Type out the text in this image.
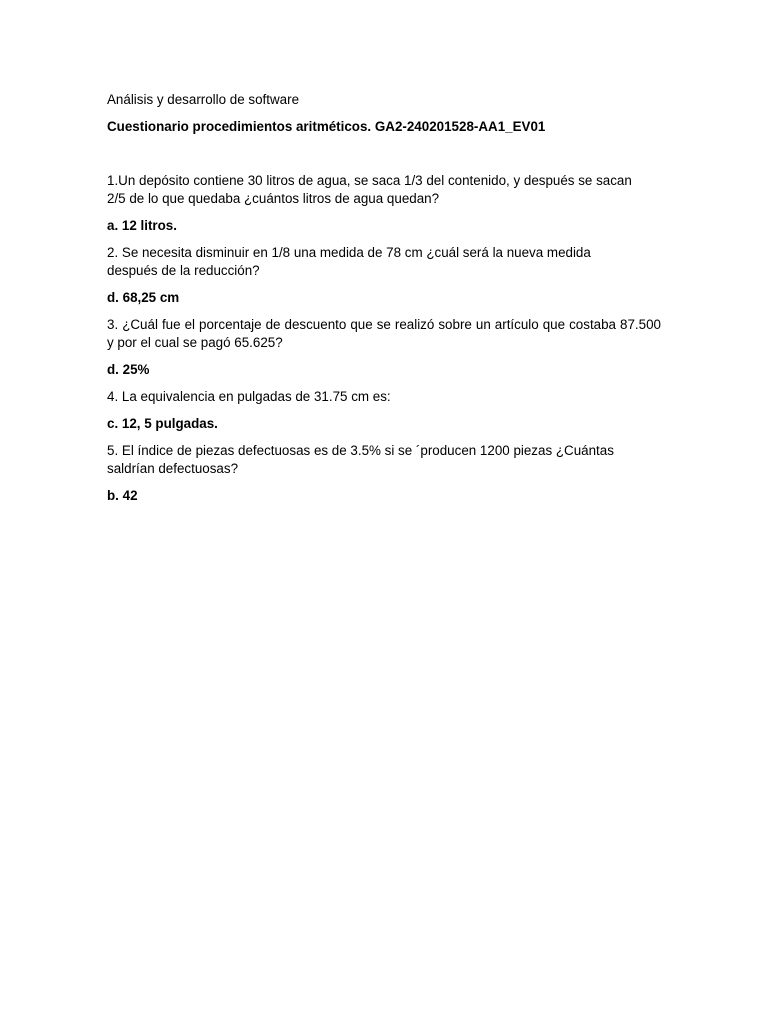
Análisis y desarrollo de software

Cuestionario procedimientos aritméticos. GA2-240201528-AA1_EV01

1.Un depósito contiene 30 litros de agua, se saca 1/3 del contenido, y después se sacan 2/5 de lo que quedaba ¿cuántos litros de agua quedan?

a. 12 litros.

2. Se necesita disminuir en 1/8 una medida de 78 cm ¿cuál será la nueva medida después de la reducción?

d. 68,25 cm

3. ¿Cuál fue el porcentaje de descuento que se realizó sobre un artículo que costaba 87.500 y por el cual se pagó 65.625?

d. 25%

4. La equivalencia en pulgadas de 31.75 cm es:

c. 12, 5 pulgadas.

5. El índice de piezas defectuosas es de 3.5% si se ´producen 1200 piezas ¿Cuántas saldrían defectuosas?

b. 42
